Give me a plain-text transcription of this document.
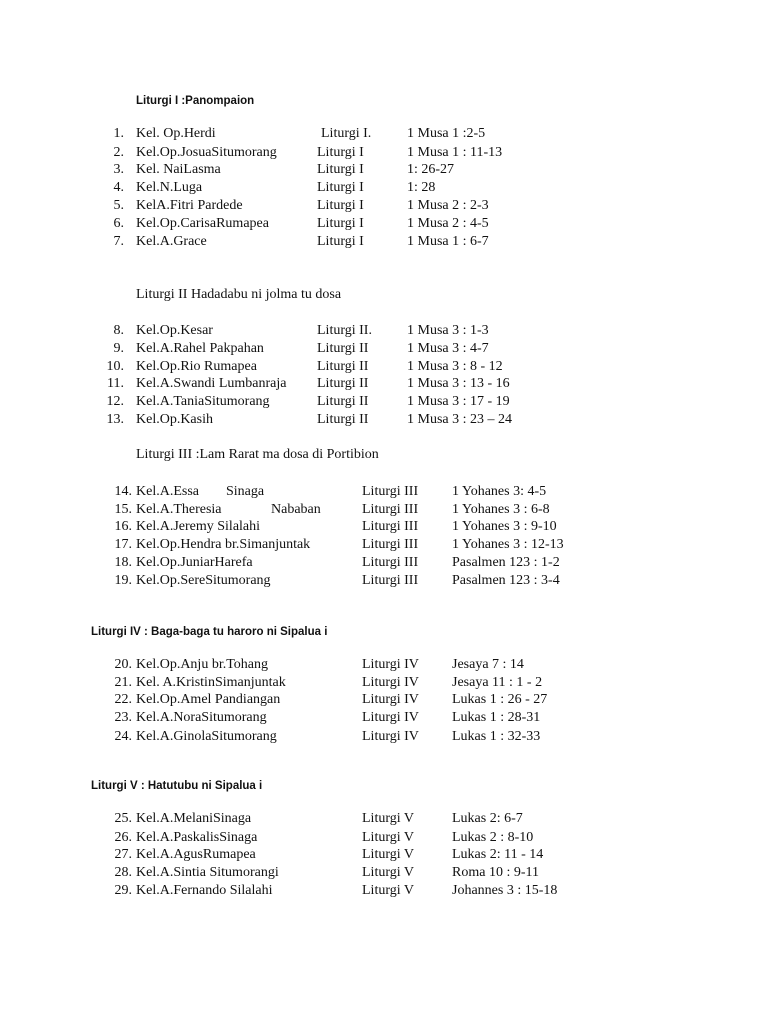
Liturgi I :Panompaion
1. Kel. Op.Herdi	Liturgi I.	1 Musa 1 :2-5
2. Kel.Op.JosuaSitumorang	Liturgi I	1 Musa 1 : 11-13
3. Kel. NaiLasma	Liturgi I	1: 26-27
4. Kel.N.Luga	Liturgi I	1: 28
5. KelA.Fitri Pardede	Liturgi I	1 Musa 2 : 2-3
6. Kel.Op.CarisaRumapea	Liturgi I	1 Musa 2 : 4-5
7. Kel.A.Grace	Liturgi I	1 Musa 1 : 6-7
Liturgi II Hadadabu ni jolma tu dosa
8. Kel.Op.Kesar	Liturgi II.	1 Musa 3 : 1-3
9. Kel.A.Rahel Pakpahan	Liturgi II	1 Musa 3 : 4-7
10. Kel.Op.Rio Rumapea	Liturgi II	1 Musa 3 : 8 - 12
11. Kel.A.Swandi Lumbanraja Liturgi II	1 Musa 3 : 13 - 16
12. Kel.A.TaniaSitumorang	Liturgi II	1 Musa 3 : 17 - 19
13. Kel.Op.Kasih	Liturgi II	1 Musa 3 : 23 – 24
Liturgi III :Lam Rarat ma dosa di Portibion
14. Kel.A.Essa Sinaga	Liturgi III 1 Yohanes 3: 4-5
15. Kel.A.Theresia	Nababan	Liturgi III 1 Yohanes 3 : 6-8
16. Kel.A.Jeremy Silalahi	Liturgi III 1 Yohanes 3 : 9-10
17. Kel.Op.Hendra br.Simanjuntak	Liturgi III 1 Yohanes 3 : 12-13
18. Kel.Op.JuniarHarefa	Liturgi III Pasalmen 123 : 1-2
19. Kel.Op.SereSitumorang	Liturgi III Pasalmen 123 : 3-4
Liturgi IV : Baga-baga tu haroro ni Sipalua i
20. Kel.Op.Anju br.Tohang	Liturgi IV Jesaya 7 : 14
21. Kel. A.KristinSimanjuntak	Liturgi IV Jesaya 11 : 1 - 2
22. Kel.Op.Amel Pandiangan	Liturgi IV Lukas 1 : 26 - 27
23. Kel.A.NoraSitumorang	Liturgi IV Lukas 1 : 28-31
24. Kel.A.GinolaSitumorang	Liturgi IV Lukas 1 : 32-33
Liturgi V : Hatutubu ni Sipalua i
25. Kel.A.MelaniSinaga	Liturgi V	Lukas 2: 6-7
26. Kel.A.PaskalisSinaga	Liturgi V	Lukas 2 : 8-10
27. Kel.A.AgusRumapea	Liturgi V	Lukas 2: 11 - 14
28. Kel.A.Sintia Situmorangi	Liturgi V	Roma 10 : 9-11
29. Kel.A.Fernando Silalahi	Liturgi V	Johannes 3 : 15-18
